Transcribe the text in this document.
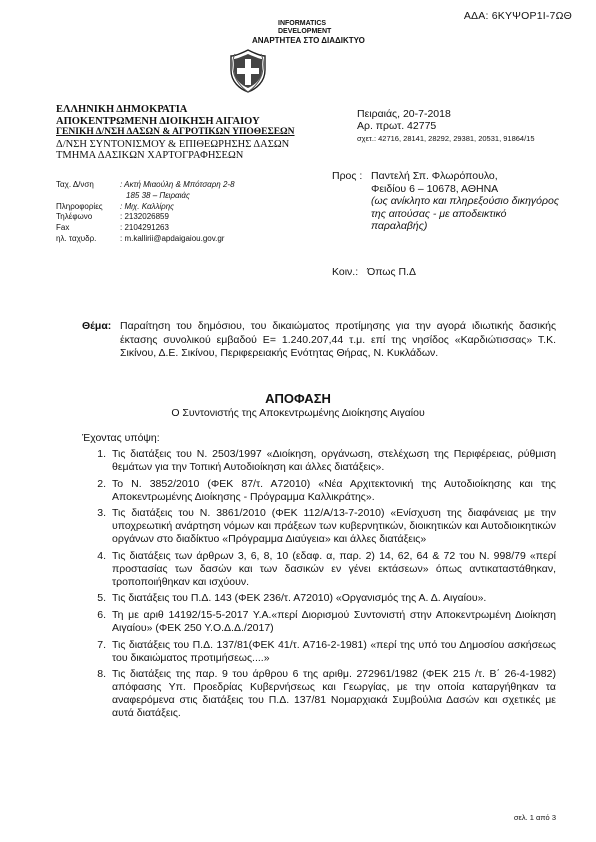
ΑΔΑ: 6ΚΥΨΟΡ1Ι-7ΩΘ
INFORMATICS
DEVELOPMENT
ΑΝΑΡΤΗΤΕΑ ΣΤΟ ΔΙΑΔΙΚΤΥΟ
ΕΛΛΗΝΙΚΗ ΔΗΜΟΚΡΑΤΙΑ
ΑΠΟΚΕΝΤΡΩΜΕΝΗ ΔΙΟΙΚΗΣΗ ΑΙΓΑΙΟΥ
ΓΕΝΙΚΗ Δ/ΝΣΗ ΔΑΣΩΝ & ΑΓΡΟΤΙΚΩΝ ΥΠΟΘΕΣΕΩΝ
Δ/ΝΣΗ ΣΥΝΤΟΝΙΣΜΟΥ & ΕΠΙΘΕΩΡΗΣΗΣ ΔΑΣΩΝ
ΤΜΗΜΑ ΔΑΣΙΚΩΝ ΧΑΡΤΟΓΡΑΦΗΣΕΩΝ
Πειραιάς, 20-7-2018
Αρ. πρωτ. 42775
σχετ.: 42716, 28141, 28292, 29381, 20531, 91864/15
Ταχ. Δ/νση	: Ακτή Μιαούλη & Μπότσαρη 2-8
185 38 – Πειραιάς
Πληροφορίες	: Μιχ. Καλλίρης
Τηλέφωνο	: 2132026859
Fax	: 2104291263
ηλ. ταχυδρ.	: m.kallirii@apdaigaiou.gov.gr
Προς : Παντελή Σπ. Φλωρόπουλο,
Φειδίου 6 – 10678, ΑΘΗΝΑ
(ως ανίκλητο και πληρεξούσιο δικηγόρος της αιτούσας - με αποδεικτικό παραλαβής)
Κοιν.: Όπως Π.Δ
Θέμα: Παραίτηση του δημόσιου, του δικαιώματος προτίμησης για την αγορά ιδιωτικής δασικής έκτασης συνολικού εμβαδού Ε= 1.240.207,44 τ.μ. επί της νησίδος «Καρδιώτισσας» Τ.Κ. Σικίνου, Δ.Ε. Σικίνου, Περιφερειακής Ενότητας Θήρας, Ν. Κυκλάδων.
ΑΠΟΦΑΣΗ
Ο Συντονιστής της Αποκεντρωμένης Διοίκησης Αιγαίου
Έχοντας υπόψη:
1. Τις διατάξεις του Ν. 2503/1997 «Διοίκηση, οργάνωση, στελέχωση της Περιφέρειας, ρύθμιση θεμάτων για την Τοπική Αυτοδιοίκηση και άλλες διατάξεις».
2. Το Ν. 3852/2010 (ΦΕΚ 87/τ. Α72010) «Νέα Αρχιτεκτονική της Αυτοδιοίκησης και της Αποκεντρωμένης Διοίκησης - Πρόγραμμα Καλλικράτης».
3. Τις διατάξεις του Ν. 3861/2010 (ΦΕΚ 112/Α/13-7-2010) «Ενίσχυση της διαφάνειας με την υποχρεωτική ανάρτηση νόμων και πράξεων των κυβερνητικών, διοικητικών και Αυτοδιοικητικών οργάνων στο διαδίκτυο «Πρόγραμμα Διαύγεια» και άλλες διατάξεις»
4. Τις διατάξεις των άρθρων 3, 6, 8, 10 (εδαφ. α, παρ. 2) 14, 62, 64 & 72 του Ν. 998/79 «περί προστασίας των δασών και των δασικών εν γένει εκτάσεων» όπως αντικαταστάθηκαν, τροποποιήθηκαν και ισχύουν.
5. Τις διατάξεις του Π.Δ. 143 (ΦΕΚ 236/τ. Α72010) «Οργανισμός της Α. Δ. Αιγαίου».
6. Τη με αριθ 14192/15-5-2017 Υ.Α.«περί Διορισμού Συντονιστή στην Αποκεντρωμένη Διοίκηση Αιγαίου» (ΦΕΚ 250 Υ.Ο.Δ.Δ./2017)
7. Τις διατάξεις του Π.Δ. 137/81(ΦΕΚ 41/τ. Α716-2-1981) «περί της υπό του Δημοσίου ασκήσεως του δικαιώματος προτιμήσεως....»
8. Τις διατάξεις της παρ. 9 του άρθρου 6 της αριθμ. 272961/1982 (ΦΕΚ 215 /τ. Β΄ 26-4-1982) απόφασης Υπ. Προεδρίας Κυβερνήσεως και Γεωργίας, με την οποία καταργήθηκαν τα αναφερόμενα στις διατάξεις του Π.Δ. 137/81 Νομαρχιακά Συμβούλια Δασών και σχετικές με αυτά διατάξεις.
σελ. 1 από 3
